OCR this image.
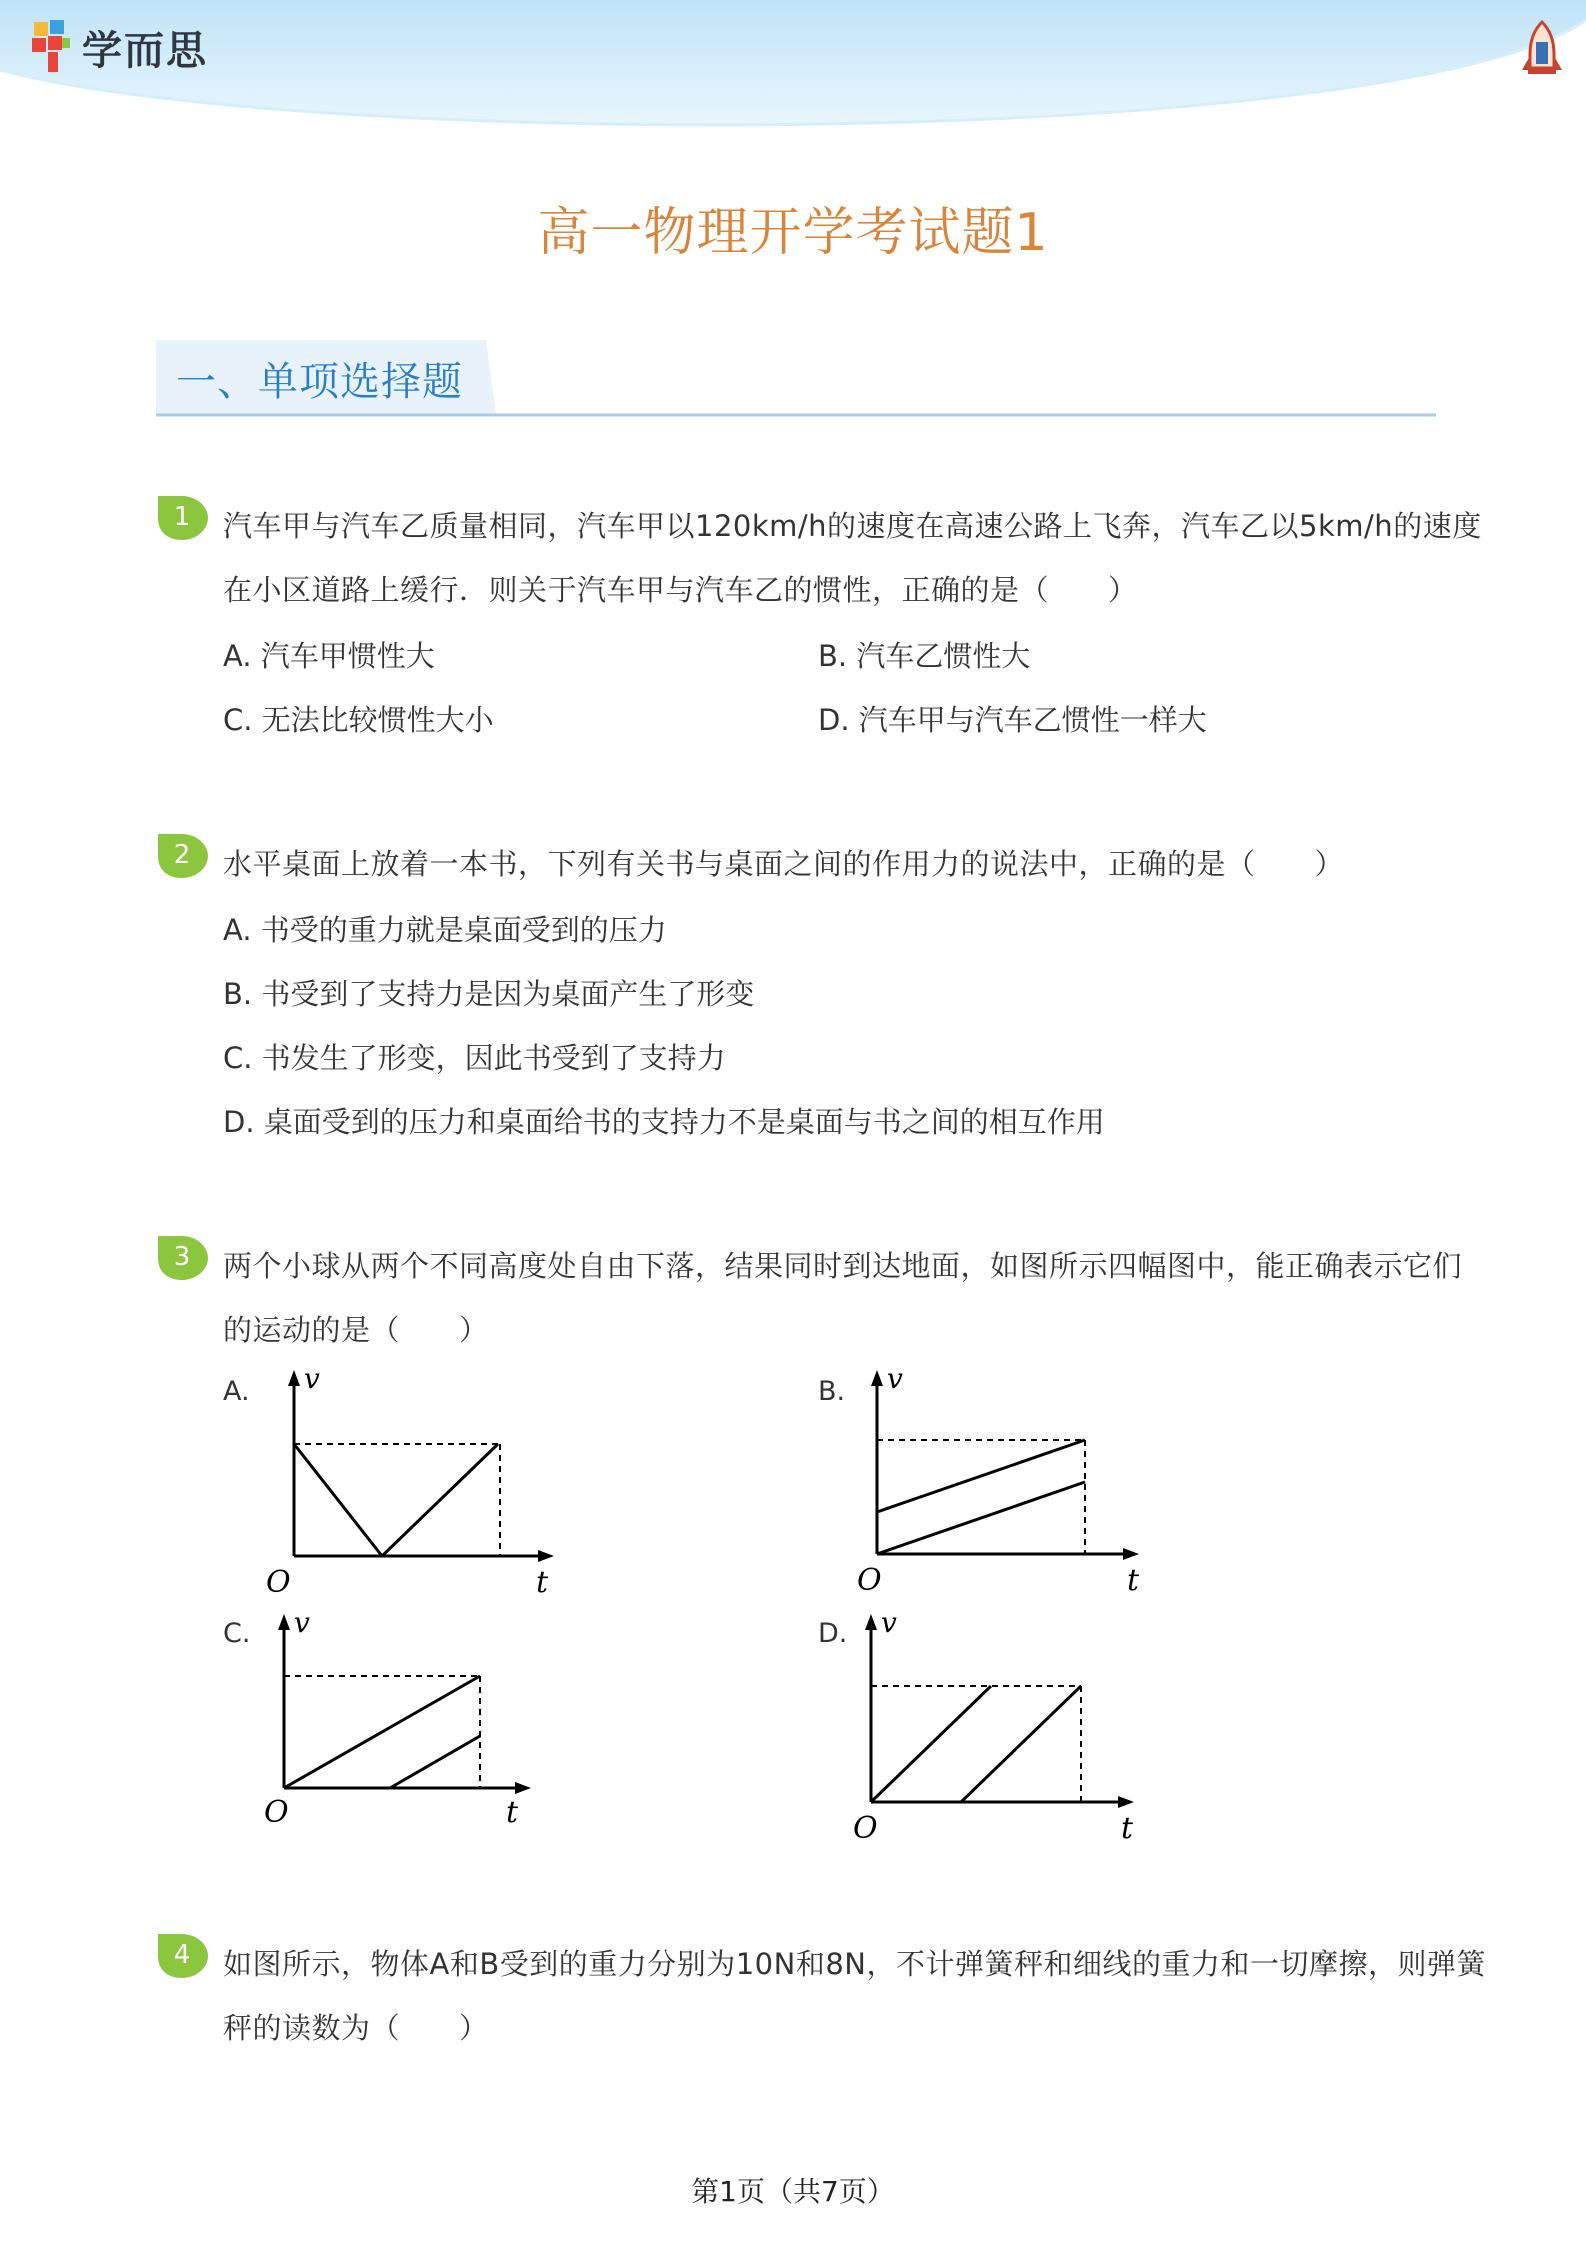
学而思
高一物理开学考试题1
一、单项选择题
1	汽车甲与汽车乙质量相同，汽车甲以120km/h的速度在高速公路上飞奔，汽车乙以5km/h的速度
在小区道路上缓行．则关于汽车甲与汽车乙的惯性，正确的是（　　）
A. 汽车甲惯性大	B. 汽车乙惯性大
C. 无法比较惯性大小	D. 汽车甲与汽车乙惯性一样大
2	水平桌面上放着一本书，下列有关书与桌面之间的作用力的说法中，正确的是（　　）
A. 书受的重力就是桌面受到的压力
B. 书受到了支持力是因为桌面产生了形变
C. 书发生了形变，因此书受到了支持力
D. 桌面受到的压力和桌面给书的支持力不是桌面与书之间的相互作用
3	两个小球从两个不同高度处自由下落，结果同时到达地面，如图所示四幅图中，能正确表示它们
的运动的是（　　）
A.	B.
C.	D.
v
O	t
v
O	t
v
O	t
v
O	t
4	如图所示，物体A和B受到的重力分别为10N和8N，不计弹簧秤和细线的重力和一切摩擦，则弹簧
秤的读数为（　　）
第1页（共7页）
